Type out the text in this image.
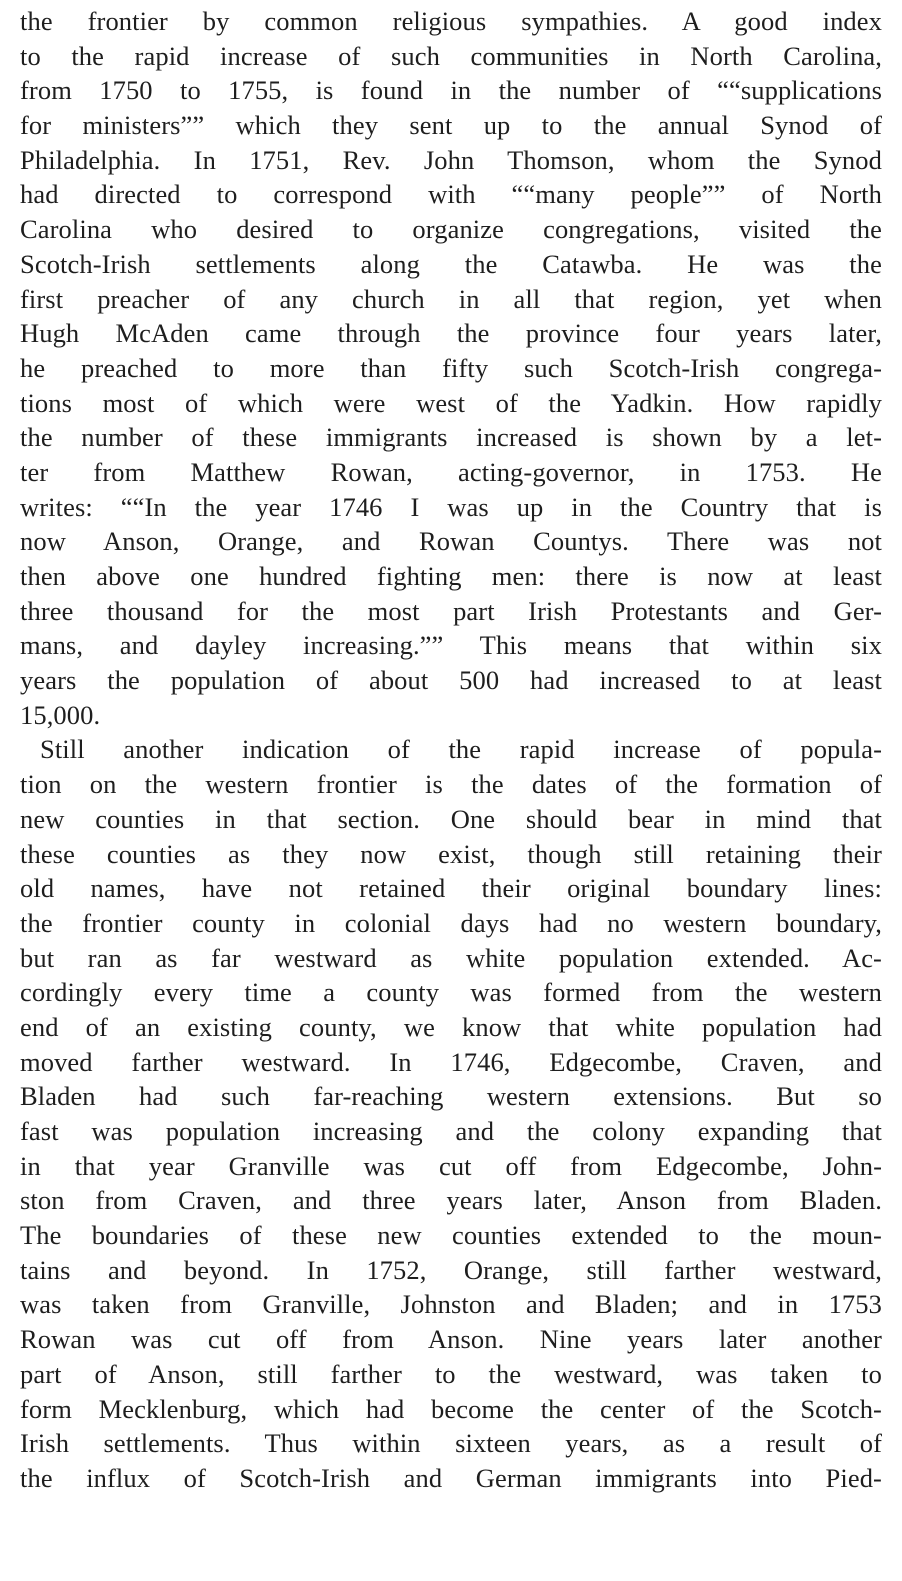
the frontier by common religious sympathies. A good index
to the rapid increase of such communities in North Carolina,
from 1750 to 1755, is found in the number of ““supplications
for ministers”” which they sent up to the annual Synod of
Philadelphia. In 1751, Rev. John Thomson, whom the Synod
had directed to correspond with ““many people”” of North
Carolina who desired to organize congregations, visited the
Scotch-Irish settlements along the Catawba. He was the
first preacher of any church in all that region, yet when
Hugh McAden came through the province four years later,
he preached to more than fifty such Scotch-Irish congrega-
tions most of which were west of the Yadkin. How rapidly
the number of these immigrants increased is shown by a let-
ter from Matthew Rowan, acting-governor, in 1753. He
writes: ““In the year 1746 I was up in the Country that is
now Anson, Orange, and Rowan Countys. There was not
then above one hundred fighting men: there is now at least
three thousand for the most part Irish Protestants and Ger-
mans, and dayley increasing.”” This means that within six
years the population of about 500 had increased to at least
15,000.
Still another indication of the rapid increase of popula-
tion on the western frontier is the dates of the formation of
new counties in that section. One should bear in mind that
these counties as they now exist, though still retaining their
old names, have not retained their original boundary lines:
the frontier county in colonial days had no western boundary,
but ran as far westward as white population extended. Ac-
cordingly every time a county was formed from the western
end of an existing county, we know that white population had
moved farther westward. In 1746, Edgecombe, Craven, and
Bladen had such far-reaching western extensions. But so
fast was population increasing and the colony expanding that
in that year Granville was cut off from Edgecombe, John-
ston from Craven, and three years later, Anson from Bladen.
The boundaries of these new counties extended to the moun-
tains and beyond. In 1752, Orange, still farther westward,
was taken from Granville, Johnston and Bladen; and in 1753
Rowan was cut off from Anson. Nine years later another
part of Anson, still farther to the westward, was taken to
form Mecklenburg, which had become the center of the Scotch-
Irish settlements. Thus within sixteen years, as a result of
the influx of Scotch-Irish and German immigrants into Pied-
